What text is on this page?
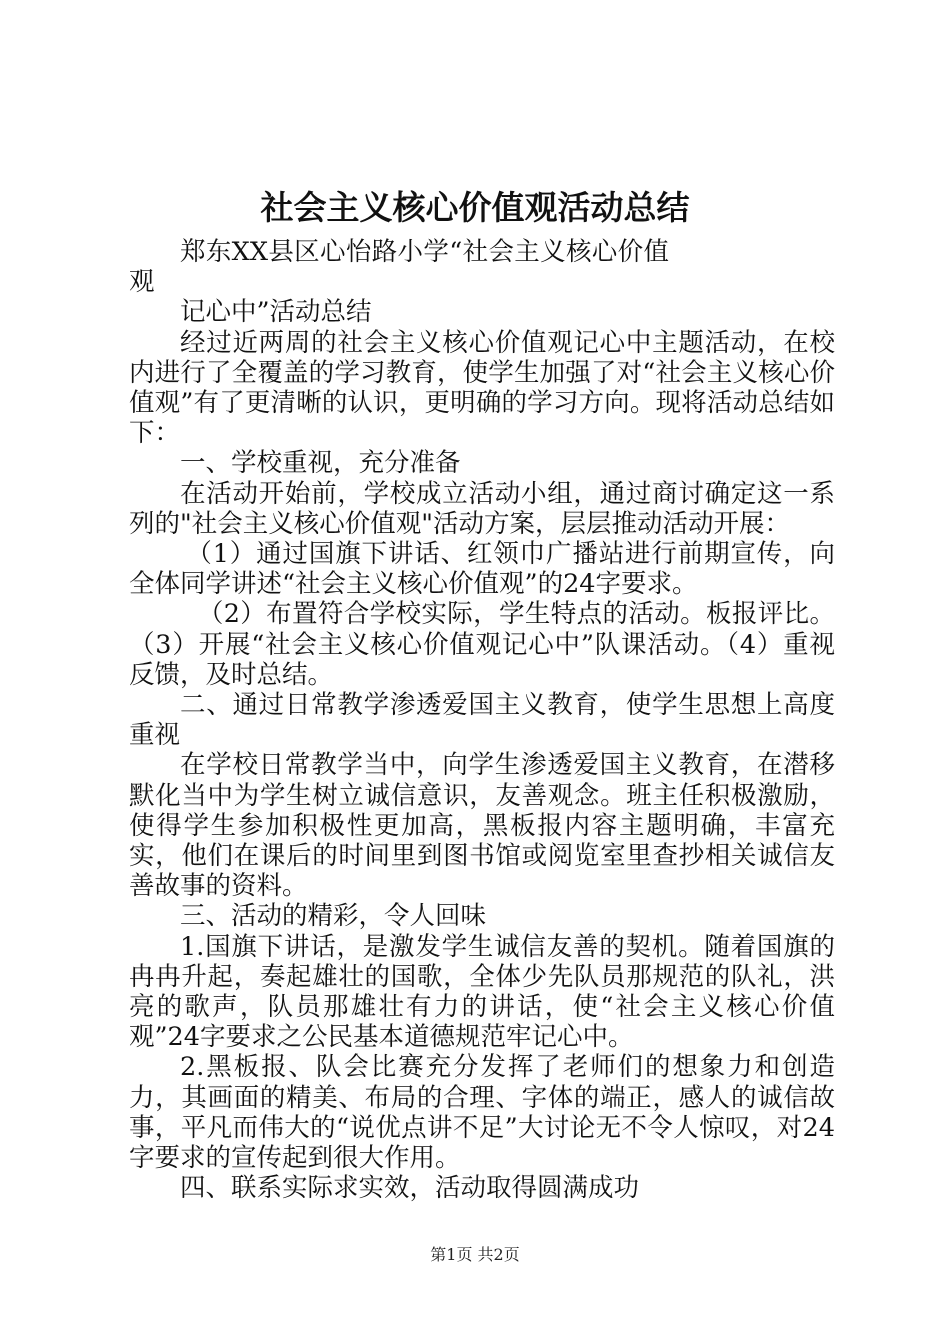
社会主义核心价值观活动总结

郑东XX县区心怡路小学“社会主义核心价值观

记心中”活动总结

经过近两周的社会主义核心价值观记心中主题活动，在校内进行了全覆盖的学习教育，使学生加强了对“社会主义核心价值观”有了更清晰的认识，更明确的学习方向。现将活动总结如下：

一、学校重视，充分准备

在活动开始前，学校成立活动小组，通过商讨确定这一系列的"社会主义核心价值观"活动方案，层层推动活动开展：

（1）通过国旗下讲话、红领巾广播站进行前期宣传，向全体同学讲述“社会主义核心价值观”的24字要求。

（2）布置符合学校实际，学生特点的活动。板报评比。（3）开展“社会主义核心价值观记心中”队课活动。（4）重视反馈，及时总结。

二、通过日常教学渗透爱国主义教育，使学生思想上高度重视

在学校日常教学当中，向学生渗透爱国主义教育，在潜移默化当中为学生树立诚信意识，友善观念。班主任积极激励，使得学生参加积极性更加高，黑板报内容主题明确，丰富充实，他们在课后的时间里到图书馆或阅览室里查抄相关诚信友善故事的资料。

三、活动的精彩，令人回味

1.国旗下讲话，是激发学生诚信友善的契机。随着国旗的冉冉升起，奏起雄壮的国歌，全体少先队员那规范的队礼，洪亮的歌声，队员那雄壮有力的讲话，使“社会主义核心价值观”24字要求之公民基本道德规范牢记心中。

2.黑板报、队会比赛充分发挥了老师们的想象力和创造力，其画面的精美、布局的合理、字体的端正，感人的诚信故事，平凡而伟大的“说优点讲不足”大讨论无不令人惊叹，对24字要求的宣传起到很大作用。

四、联系实际求实效，活动取得圆满成功

第1页 共2页
